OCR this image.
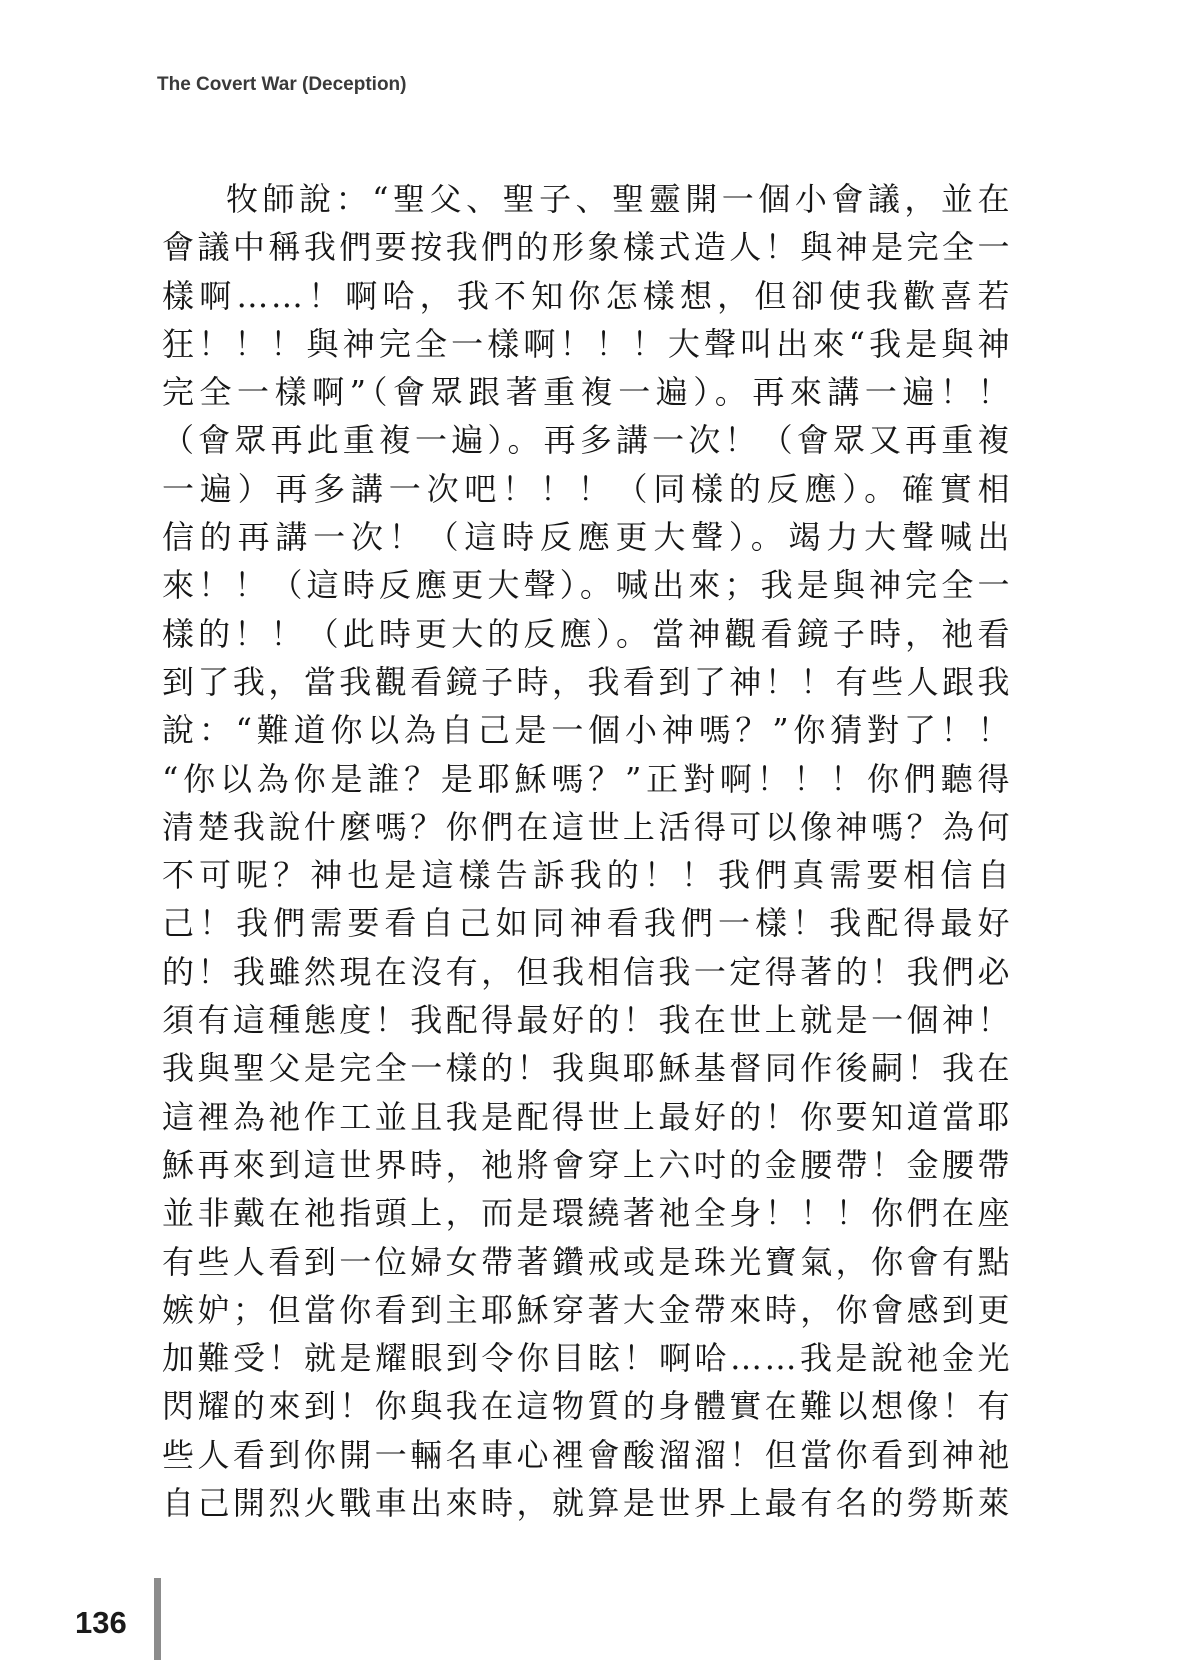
The Covert War (Deception)
牧師說：“聖父、聖子、聖靈開一個小會議，並在
會議中稱我們要按我們的形象樣式造人！與神是完全一
樣啊……！啊哈，我不知你怎樣想，但卻使我歡喜若
狂！！！與神完全一樣啊！！！大聲叫出來“我是與神
完全一樣啊”（會眾跟著重複一遍）。再來講一遍！！
（會眾再此重複一遍）。再多講一次！（會眾又再重複
一遍）再多講一次吧！！！（同樣的反應）。確實相
信的再講一次！（這時反應更大聲）。竭力大聲喊出
來！！（這時反應更大聲）。喊出來；我是與神完全一
樣的！！（此時更大的反應）。當神觀看鏡子時，祂看
到了我，當我觀看鏡子時，我看到了神！！有些人跟我
說：“難道你以為自己是一個小神嗎？”你猜對了！！
“你以為你是誰？是耶穌嗎？”正對啊！！！你們聽得
清楚我說什麼嗎？你們在這世上活得可以像神嗎？為何
不可呢？神也是這樣告訴我的！！我們真需要相信自
己！我們需要看自己如同神看我們一樣！我配得最好
的！我雖然現在沒有，但我相信我一定得著的！我們必
須有這種態度！我配得最好的！我在世上就是一個神！
我與聖父是完全一樣的！我與耶穌基督同作後嗣！我在
這裡為祂作工並且我是配得世上最好的！你要知道當耶
穌再來到這世界時，祂將會穿上六吋的金腰帶！金腰帶
並非戴在祂指頭上，而是環繞著祂全身！！！你們在座
有些人看到一位婦女帶著鑽戒或是珠光寶氣，你會有點
嫉妒；但當你看到主耶穌穿著大金帶來時，你會感到更
加難受！就是耀眼到令你目眩！啊哈……我是說祂金光
閃耀的來到！你與我在這物質的身體實在難以想像！有
些人看到你開一輛名車心裡會酸溜溜！但當你看到神祂
自己開烈火戰車出來時，就算是世界上最有名的勞斯萊
136
